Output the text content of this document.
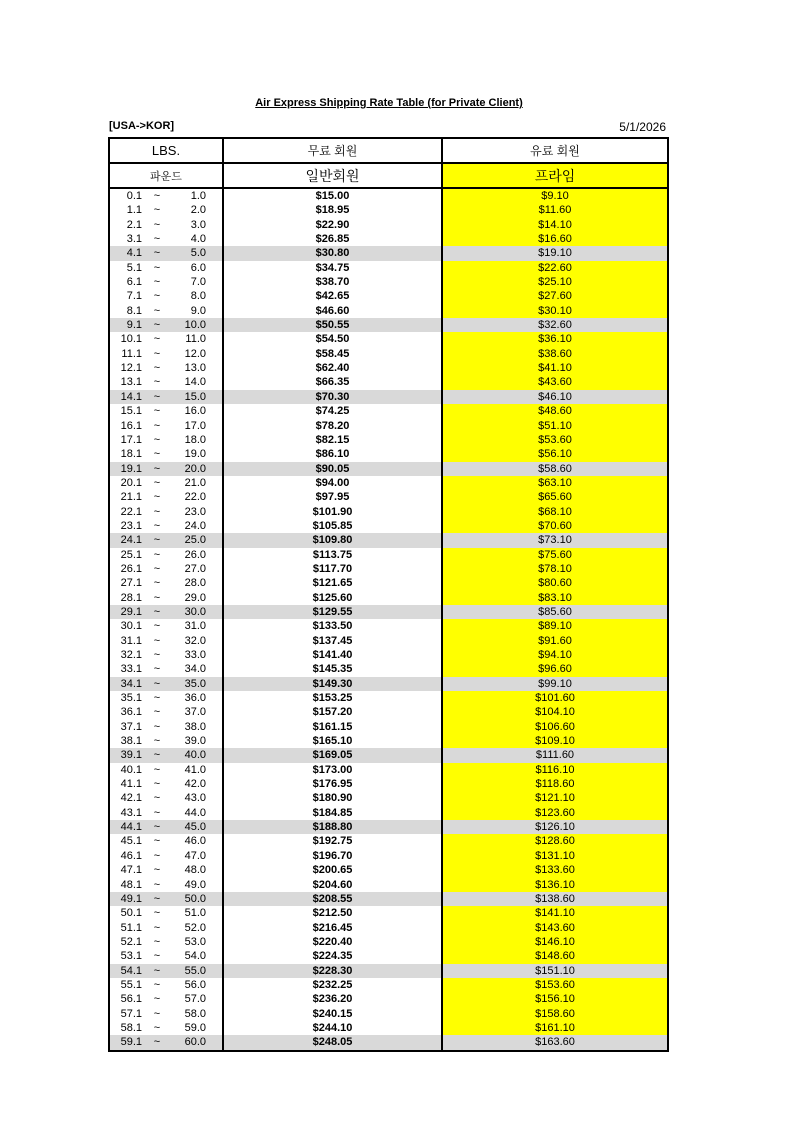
Air Express Shipping Rate Table (for Private Client)
[USA->KOR]	5/1/2026
LBS.	무료 회원	유료 회원
파운드	일반회원	프라임
0.1	~	1.0	$15.00	$9.10
1.1	~	2.0	$18.95	$11.60
2.1	~	3.0	$22.90	$14.10
3.1	~	4.0	$26.85	$16.60
4.1	~	5.0	$30.80	$19.10
5.1	~	6.0	$34.75	$22.60
6.1	~	7.0	$38.70	$25.10
7.1	~	8.0	$42.65	$27.60
8.1	~	9.0	$46.60	$30.10
9.1	~	10.0	$50.55	$32.60
10.1	~	11.0	$54.50	$36.10
11.1	~	12.0	$58.45	$38.60
12.1	~	13.0	$62.40	$41.10
13.1	~	14.0	$66.35	$43.60
14.1	~	15.0	$70.30	$46.10
15.1	~	16.0	$74.25	$48.60
16.1	~	17.0	$78.20	$51.10
17.1	~	18.0	$82.15	$53.60
18.1	~	19.0	$86.10	$56.10
19.1	~	20.0	$90.05	$58.60
20.1	~	21.0	$94.00	$63.10
21.1	~	22.0	$97.95	$65.60
22.1	~	23.0	$101.90	$68.10
23.1	~	24.0	$105.85	$70.60
24.1	~	25.0	$109.80	$73.10
25.1	~	26.0	$113.75	$75.60
26.1	~	27.0	$117.70	$78.10
27.1	~	28.0	$121.65	$80.60
28.1	~	29.0	$125.60	$83.10
29.1	~	30.0	$129.55	$85.60
30.1	~	31.0	$133.50	$89.10
31.1	~	32.0	$137.45	$91.60
32.1	~	33.0	$141.40	$94.10
33.1	~	34.0	$145.35	$96.60
34.1	~	35.0	$149.30	$99.10
35.1	~	36.0	$153.25	$101.60
36.1	~	37.0	$157.20	$104.10
37.1	~	38.0	$161.15	$106.60
38.1	~	39.0	$165.10	$109.10
39.1	~	40.0	$169.05	$111.60
40.1	~	41.0	$173.00	$116.10
41.1	~	42.0	$176.95	$118.60
42.1	~	43.0	$180.90	$121.10
43.1	~	44.0	$184.85	$123.60
44.1	~	45.0	$188.80	$126.10
45.1	~	46.0	$192.75	$128.60
46.1	~	47.0	$196.70	$131.10
47.1	~	48.0	$200.65	$133.60
48.1	~	49.0	$204.60	$136.10
49.1	~	50.0	$208.55	$138.60
50.1	~	51.0	$212.50	$141.10
51.1	~	52.0	$216.45	$143.60
52.1	~	53.0	$220.40	$146.10
53.1	~	54.0	$224.35	$148.60
54.1	~	55.0	$228.30	$151.10
55.1	~	56.0	$232.25	$153.60
56.1	~	57.0	$236.20	$156.10
57.1	~	58.0	$240.15	$158.60
58.1	~	59.0	$244.10	$161.10
59.1	~	60.0	$248.05	$163.60
